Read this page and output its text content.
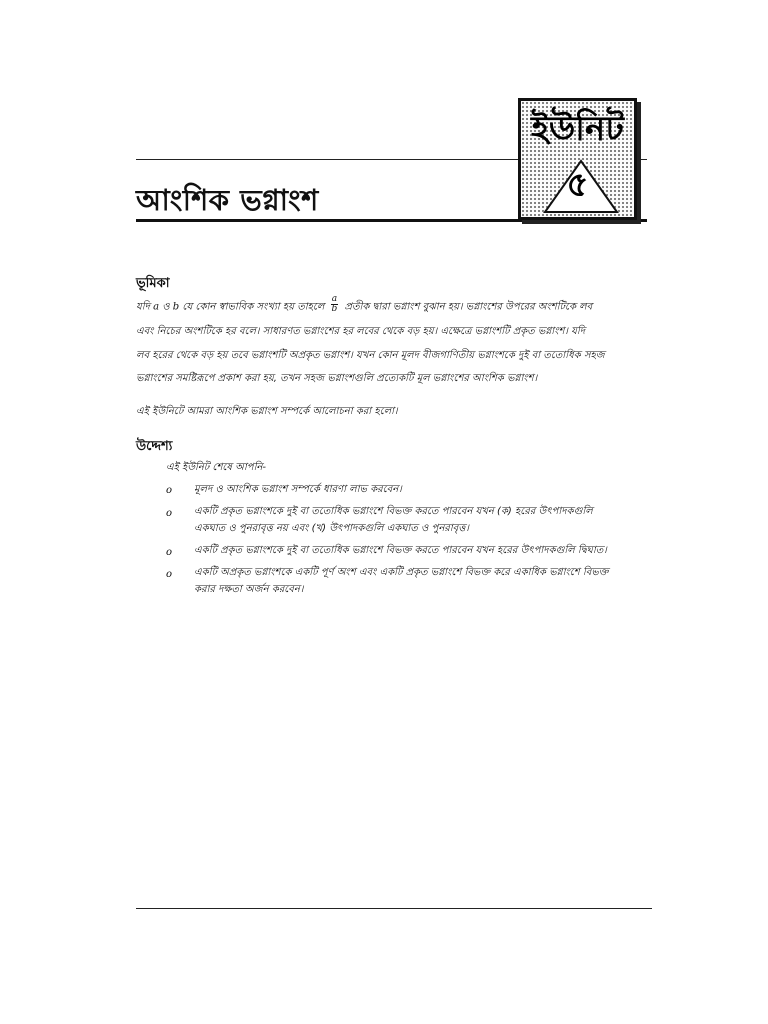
ইউনিট
৫
আংশিক ভগ্নাংশ
ভূমিকা
যদি a ও b যে কোন স্বাভাবিক সংখ্যা হয় তাহলে $\frac{a}{b}$ প্রতীক দ্বারা ভগ্নাংশ বুঝান হয়। ভগ্নাংশের উপরের অংশটিকে লব
এবং নিচের অংশটিকে হর বলে। সাধারণত ভগ্নাংশের হর লবের থেকে বড় হয়। এক্ষেত্রে ভগ্নাংশটি প্রকৃত ভগ্নাংশ। যদি
লব হরের থেকে বড় হয় তবে ভগ্নাংশটি অপ্রকৃত ভগ্নাংশ। যখন কোন মূলদ বীজগাণিতীয় ভগ্নাংশকে দুই বা ততোধিক সহজ
ভগ্নাংশের সমষ্টিরূপে প্রকাশ করা হয়, তখন সহজ ভগ্নাংশগুলি প্রত্যেকটি মূল ভগ্নাংশের আংশিক ভগ্নাংশ।
এই ইউনিটে আমরা আংশিক ভগ্নাংশ সম্পর্কে আলোচনা করা হলো।
উদ্দেশ্য
এই ইউনিট শেষে আপনি-
o মূলদ ও আংশিক ভগ্নাংশ সম্পর্কে ধারণা লাভ করবেন।
o একটি প্রকৃত ভগ্নাংশকে দুই বা ততোধিক ভগ্নাংশে বিভক্ত করতে পারবেন যখন (ক) হরের উৎপাদকগুলি
একঘাত ও পুনরাবৃত্ত নয় এবং (খ) উৎপাদকগুলি একঘাত ও পুনরাবৃত্ত।
o একটি প্রকৃত ভগ্নাংশকে দুই বা ততোধিক ভগ্নাংশে বিভক্ত করতে পারবেন যখন হরের উৎপাদকগুলি দ্বিঘাত।
o একটি অপ্রকৃত ভগ্নাংশকে একটি পূর্ণ অংশ এবং একটি প্রকৃত ভগ্নাংশে বিভক্ত করে একাধিক ভগ্নাংশে বিভক্ত
করার দক্ষতা অর্জন করবেন।
